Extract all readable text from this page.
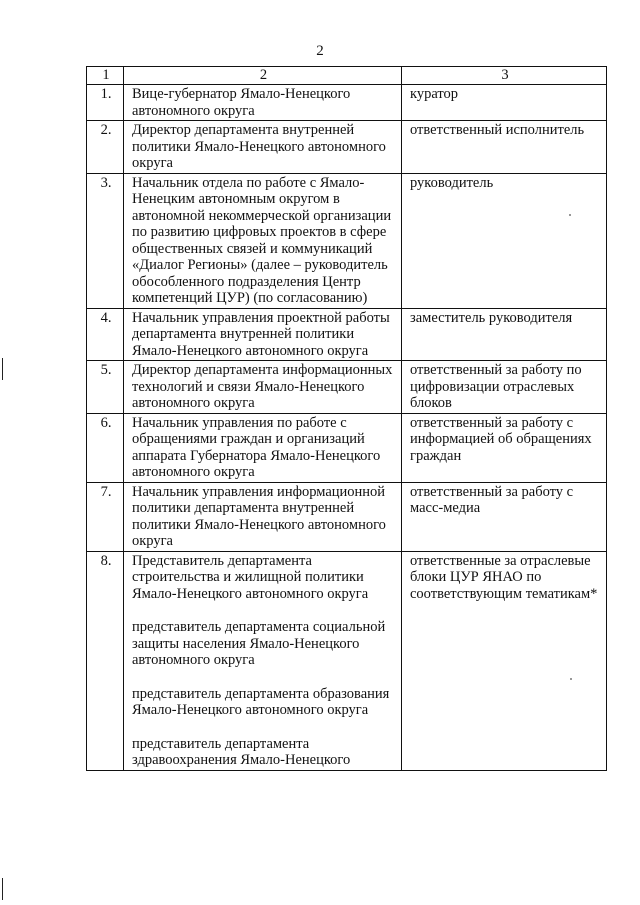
2
1	2	3
1.	Вице-губернатор Ямало-Ненецкого автономного округа	куратор
2.	Директор департамента внутренней политики Ямало-Ненецкого автономного округа	ответственный исполнитель
3.	Начальник отдела по работе с Ямало-Ненецким автономным округом в автономной некоммерческой организации по развитию цифровых проектов в сфере общественных связей и коммуникаций «Диалог Регионы» (далее – руководитель обособленного подразделения Центр компетенций ЦУР) (по согласованию)	руководитель
4.	Начальник управления проектной работы департамента внутренней политики Ямало-Ненецкого автономного округа	заместитель руководителя
5.	Директор департамента информационных технологий и связи Ямало-Ненецкого автономного округа	ответственный за работу по цифровизации отраслевых блоков
6.	Начальник управления по работе с обращениями граждан и организаций аппарата Губернатора Ямало-Ненецкого автономного округа	ответственный за работу с информацией об обращениях граждан
7.	Начальник управления информационной политики департамента внутренней политики Ямало-Ненецкого автономного округа	ответственный за работу с масс-медиа
8.	Представитель департамента строительства и жилищной политики Ямало-Ненецкого автономного округа
представитель департамента социальной защиты населения Ямало-Ненецкого автономного округа
представитель департамента образования Ямало-Ненецкого автономного округа
представитель департамента здравоохранения Ямало-Ненецкого	ответственные за отраслевые блоки ЦУР ЯНАО по соответствующим тематикам*
